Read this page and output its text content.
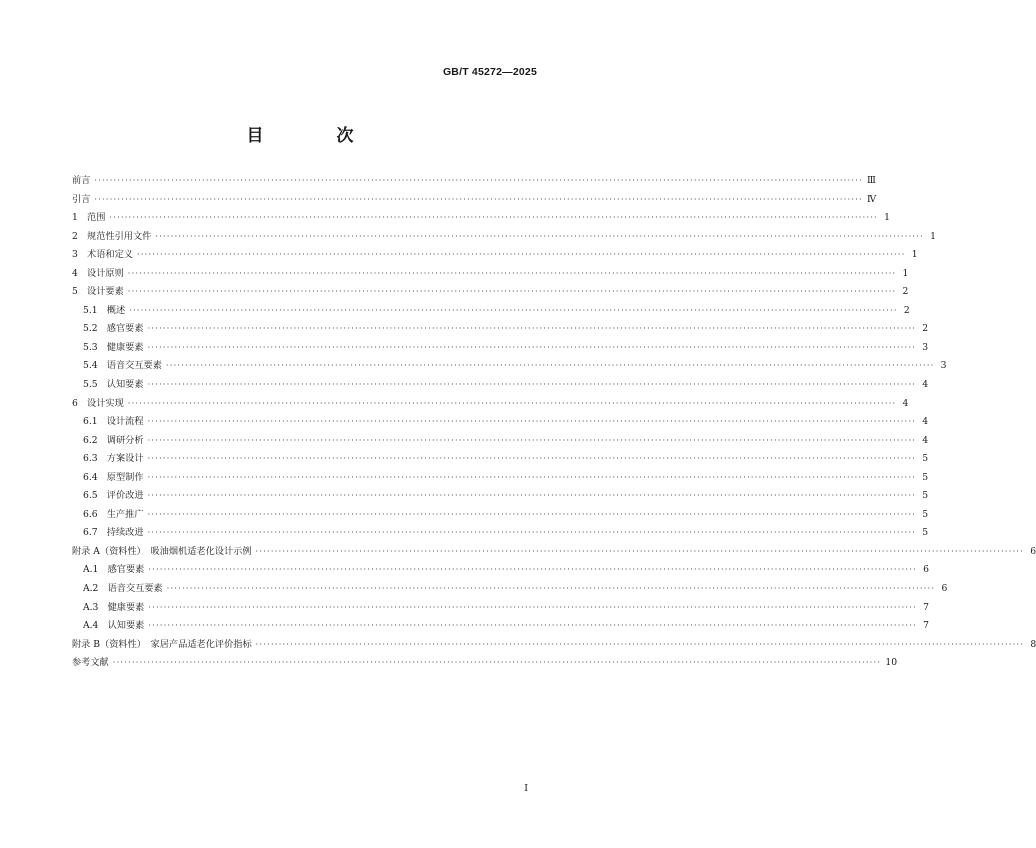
GB/T 45272—2025
目　次
前言 ········································································································································································································ Ⅲ
引言 ········································································································································································································ Ⅳ
1　范围 ········································································································································································································ 1
2　规范性引用文件 ········································································································································································································ 1
3　术语和定义 ········································································································································································································ 1
4　设计原则 ········································································································································································································ 1
5　设计要素 ········································································································································································································ 2
5.1　概述 ········································································································································································································ 2
5.2　感官要素 ········································································································································································································ 2
5.3　健康要素 ········································································································································································································ 3
5.4　语音交互要素 ········································································································································································································ 3
5.5　认知要素 ········································································································································································································ 4
6　设计实现 ········································································································································································································ 4
6.1　设计流程 ········································································································································································································ 4
6.2　调研分析 ········································································································································································································ 4
6.3　方案设计 ········································································································································································································ 5
6.4　原型制作 ········································································································································································································ 5
6.5　评价改进 ········································································································································································································ 5
6.6　生产推广 ········································································································································································································ 5
6.7　持续改进 ········································································································································································································ 5
附录 A（资料性）　吸油烟机适老化设计示例 ········································································································································································································ 6
A.1　感官要素 ········································································································································································································ 6
A.2　语音交互要素 ········································································································································································································ 6
A.3　健康要素 ········································································································································································································ 7
A.4　认知要素 ········································································································································································································ 7
附录 B（资料性）　家居产品适老化评价指标 ········································································································································································································ 8
参考文献 ········································································································································································································ 10
I
